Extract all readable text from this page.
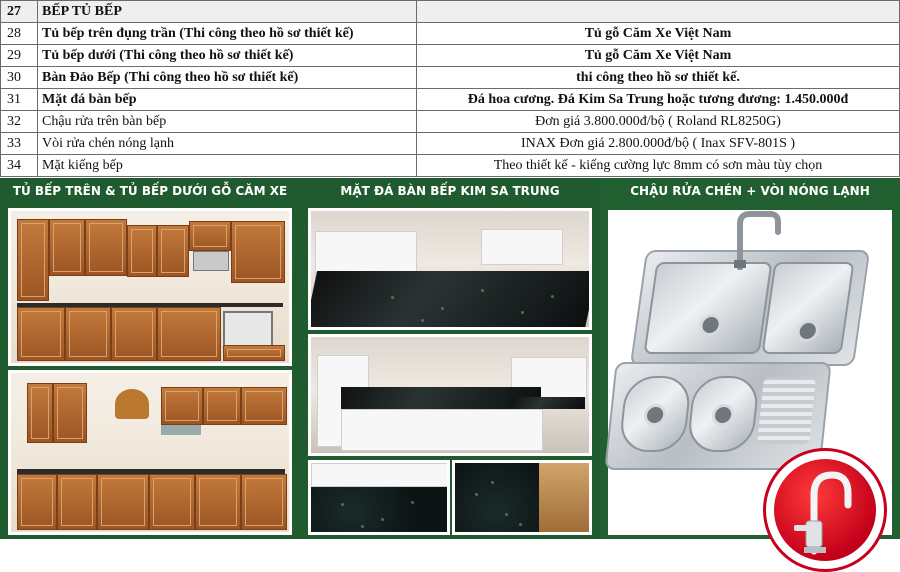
27	BẾP TỦ BẾP	
28	Tủ bếp trên đụng trần (Thi công theo hồ sơ thiết kế)	Tủ gỗ Căm Xe Việt Nam
29	Tủ bếp dưới (Thi công theo hồ sơ thiết kế)	Tủ gỗ Căm Xe Việt Nam
30	Bàn Đảo Bếp (Thi công theo hồ sơ thiết kế)	thi công theo hồ sơ thiết kế.
31	Mặt đá bàn bếp	Đá hoa cương. Đá Kim Sa Trung hoặc tương đương: 1.450.000đ
32	Chậu rửa trên bàn bếp	Đơn giá 3.800.000đ/bộ ( Roland RL8250G)
33	Vòi rửa chén nóng lạnh	INAX Đơn giá 2.800.000đ/bộ ( Inax SFV-801S )
34	Mặt kiếng bếp	Theo thiết kế - kiếng cường lực 8mm có sơn màu tùy chọn
TỦ BẾP TRÊN & TỦ BẾP DƯỚI GỖ CĂM XE	MẶT ĐÁ BÀN BẾP KIM SA TRUNG	CHẬU RỬA CHÉN + VÒI NÓNG LẠNH
